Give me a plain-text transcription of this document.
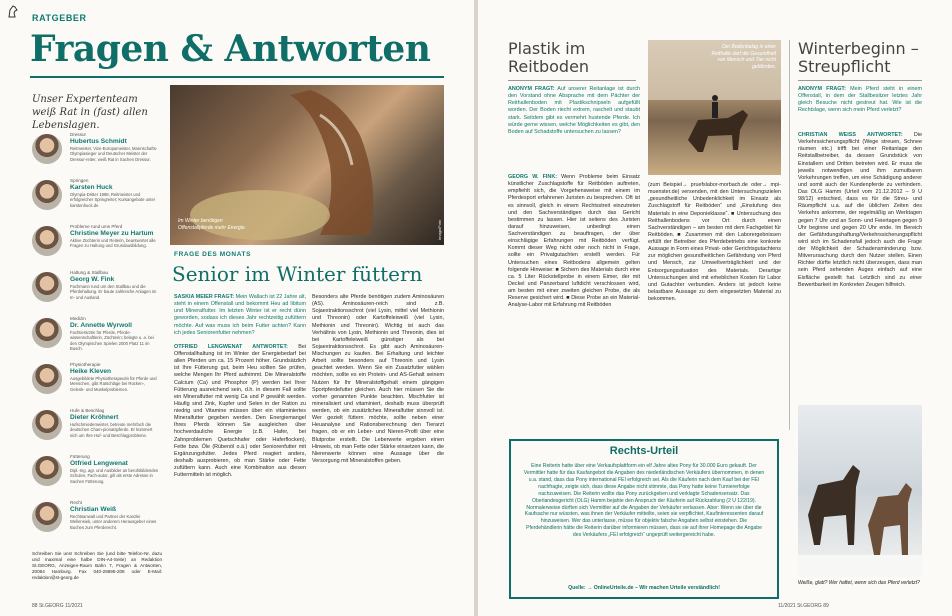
RATGEBER
Fragen & Antworten
Unser Expertenteam weiß Rat in (fast) allen Lebenslagen.
Dressur
Hubertus Schmidt
Reitmeister, Vize-Europameister, Mannschafts-Olympiasieger und Deutscher Meister der Dressur-reiter, weiß Rat in Sachen Dressur.
Springen
Karsten Huck
Olympia-Dritter 1988, Reitmeister und erfolgreicher Springreiter; Kursangebote unter karstenhuck.de
Probleme rund ums Pferd
Christine Meyer zu Hartum
Aktive Züchterin und Reiterin, beantwortet alle Fragen zu Haltung und Grundausbildung.
Haltung & Stallbau
Georg W. Fink
Fachmann rund um den Stallbau und die Pferdehaltung. Er baute zahlreiche Anlagen im In- und Ausland.
Medizin
Dr. Annette Wyrwoll
Fachtierärztin für Pferde, Pferde-wissenschaftlerin, Züchterin; belegte u. a. bei den Olympischen Spielen 2000 Platz 11 im Busch.
Physiotherapie
Heike Kleven
Ausgebildete Physiotherapeutin für Pferde und Menschen, gibt Ratschläge bei Rücken-, Gelenk- und Muskelproblemen.
Hufe & Beschlag
Dieter Kröhnert
Hufschmiedemeister, betreute mehrfach die deutschen Cham-pionatspferde. Er kümmert sich um Ihre Huf- und Beschlagprobleme.
Fütterung
Otfried Lengwenat
Dipl.-Ing. agr. und Ausbilder an berufsbildenden Schulen, Fach-autor, gilt als erste Adresse in Sachen Fütterung.
Recht
Christian Weiß
Rechtsanwalt und Partner der Kanzlei Wellensiek, unter anderem Herausgeber eines Buches zum Pferderecht.
Schreiben Sie uns! Schreiben Sie (und bitte Telefon-Nr. dazu und maximal eine halbe DIN-A4-Seite) an Redaktion St.GEORG, Anzeigen-Raum Bahn 7, Fragen & Antworten, 20084 Hamburg. Fax 040-28695-208 oder E-Mail: redaktion@st-georg.de
Im Winter benötigen Offenstallpferde mehr Energie.	Imago/Foto
FRAGE DES MONATS
Senior im Winter füttern
SASKIA MEIER FRAGT: Mein Wallach ist 22 Jahre alt, steht in einem Offenstall und bekommt Heu ad libitum und Mineralfutter. Im letzten Winter ist er recht dünn geworden, sodass ich dieses Jahr rechtzeitig zufüttern möchte. Auf was muss ich beim Futter achten? Kann ich jedes Seniorenfutter nehmen?

OTFRIED LENGWENAT ANTWORTET: Bei Offenstallhaltung ist im Winter der Energiebedarf bei allen Pferden um ca. 15 Prozent höher. Grundsätzlich ist Ihre Fütterung gut, beim Heu sollten Sie prüfen, welche Mengen Ihr Pferd aufnimmt. Die Mineralstoffe Calcium (Ca) und Phosphor (P) werden bei Ihrer Fütterung ausreichend sein, d.h. in diesem Fall sollte ein Mineralfutter mit wenig Ca und P gewählt werden. Häufig sind Zink, Kupfer und Selen in der Ration zu niedrig und Vitamine müssen über ein vitaminiertes Mineralfutter gegeben werden. Den Energiemangel Ihres Pferds können Sie ausgleichen über hochverdauliche Energie (z.B. Hafer, bei Zahnproblemen Quetschhafer oder Haferflocken), Fette bzw. Öle (Rübenöl o.ä.) oder Seniorenfutter mit Ergänzungsfutter. Jedes Pferd reagiert anders, deshalb ausprobieren, ob man Stärke oder Fette zufüttern kann. Auch eine Kombination aus diesen Futtermitteln ist möglich.
Besonders alte Pferde benötigen zudem Aminosäuren (AS). Aminosäuren-reich sind z.B. Sojaextraktionsschrot (viel Lysin, mittel viel Methionin und Threonin) oder Kartoffeleiweiß (viel Lysin, Methionin und Threonin). Wichtig ist auch das Verhältnis von Lysin, Methionin und Threonin, dies ist bei Kartoffeleiweiß günstiger als bei Sojaextraktionsschrot. Es gibt auch Aminosäuren-Mischungen zu kaufen. Bei Erhaltung und leichter Arbeit sollte besonders auf Threonin und Lysin geachtet werden. Wenn Sie ein Zusatzfutter wählen möchten, sollte es ein Protein- und AS-Gehalt seinem Nutzen für Ihr Mineralstoffgehalt einem gängigen Sportpferdefutter gleichen. Auch hier müssen Sie die vorher genannten Punkte beachten. Mischfutter ist mineralisiert und vitaminiert, deshalb muss überprüft werden, ob ein zusätzliches Mineralfutter sinnvoll ist. Wer gezielt füttern möchte, sollte neben einer Heuanalyse und Rationsberechnung den Tierarzt fragen, ob er ein Leber- und Nieren-Profil über eine Blutprobe erstellt. Die Leberwerte ergeben einen Hinweis, ob man Fette oder Stärke einsetzen kann, die Nierenwerte können eine Aussage über die Versorgung mit Mineralstoffen geben.
88 St.GEORG 11/2021
Plastik im Reitboden
Der Bodenbelag in einer Reithalle darf die Gesundheit von Mensch und Tier nicht gefährden.
ANONYM FRAGT: Auf unserer Reitanlage ist durch den Vorstand ohne Absprache mit dem Pächter der Reithallenboden mit Plastikschnipseln aufgefüllt worden. Der Boden riecht extrem, raschelt und staubt stark. Seitdem gibt es vermehrt hustende Pferde. Ich würde gerne wissen, welche Möglichkeiten es gibt, den Boden auf Schadstoffe untersuchen zu lassen?
GEORG W. FINK: Wenn Probleme beim Einsatz künstlicher Zuschlagstoffe für Reitböden auftreten, empfiehlt sich, die Vorgehensweise mit einem im Pferdesport erfahrenen Juristen zu besprechen. Oft ist es sinnvoll, gleich in einem Rechtsstreit einzutreten und den Sachverständigen durch das Gericht bestimmen zu lassen. Hier ist seitens des Juristen darauf hinzuweisen, unbedingt einen Sachverständigen zu beauftragen, der über einschlägige Erfahrungen mit Reitböden verfügt. Kommt dieser Weg nicht oder noch nicht in Frage, sollte ein Privatgutachten erstellt werden. Für Untersuchen eines Reitbodens allgemein gelten folgende Hinweise: ■ Sichern des Materials durch eine ca. 5 Liter Rückstellprobe in einem Eimer, der mit Deckel und Panzerband luftdicht verschlossen wird, am besten mit einer zweiten gleichen Probe, die als Reserve gesichert wird. ■ Diese Probe an ein Material-Analyse-Labor mit Erfahrung mit Reitböden
(zum Beispiel→ pruefslabor-morbach.de oder→ mpi-muenster.de) versenden, mit den Untersuchungszielen „gesundheitliche Unbedenklichkeit im Einsatz als Zuschlagstoff für Reitböden“ und „Einstufung des Materials in eine Deponieklasse“. ■ Untersuchung des Reithallenbodens vor Ort durch einen Sachverständigen – am besten mit dem Fachgebiet für Reitböden. ■ Zusammen mit den Laborergebnissen erfüllt der Betreiber des Pferdebetriebs eine konkrete Aussage in Form eines Privat- oder Gerichtsgutachtens zur möglichen gesundheitlichen Gefährdung von Pferd und Mensch, zur Umweltverträglichkeit und der Entsorgungssituation des Materials. Derartige Untersuchungen sind mit erheblichen Kosten für Labor und Gutachter verbunden. Anders ist jedoch keine belastbare Aussage zu dem eingesetzten Material zu bekommen.
Winterbeginn – Streupflicht
ANONYM FRAGT: Mein Pferd steht in einem Offenstall, in dem der Stallbesitzer letztes Jahr gleich Besuche nicht gestreut hat. Wie ist die Rechtslage, wenn sich mein Pferd verletzt?
CHRISTIAN WEISS ANTWORTET: Die Verkehrssicherungspflicht (Wege streuen, Schnee räumen etc.) trifft bei einer Reitanlage den Reitstallbetreiber, da dessen Grundstück von Einstallern und Dritten betreten wird. Er muss die jeweils notwendigen und ihm zumutbaren Vorkehrungen treffen, um eine Schädigung anderer und somit auch der Kundenpferde zu verhindern. Das OLG Hamm (Urteil vom 21.12.2012 – 9 U 98/12) entschied, dass es für die Streu- und Räumpflicht u.a. auf die üblichen Zeiten des Verkehrs ankomme, der regelmäßig an Werktagen gegen 7 Uhr und an Sonn- und Feiertagen gegen 9 Uhr beginne und gegen 20 Uhr ende. Im Bereich der Gefährdungshaftung/Verkehrssicherungspflicht wird sich im Schadensfall jedoch auch die Frage der Möglichkeit der Schadensminderung bzw. Mitverursachung durch den Nutzer stellen. Einen Richter dürfte letztlich nicht überzeugen, dass man sein Pferd sehenden Auges einfach auf eine Eisfläche gestellt hat. Letztlich sind zu einer Bewertbarkeit im Konkreten Zeugen hilfreich.
Weiße, glatt? Wer haftet, wenn sich das Pferd verletzt?
11/2021 St.GEORG 89
Rechts-Urteil
Eine Reiterin hatte über eine Verkaufsplattform ein elf Jahre altes Pony für 30.000 Euro gekauft. Der Vermittler hatte für das Kaufangebot die Angaben des niederländischen Verkäufers übernommen, in denen u.a. stand, dass das Pony international FEI erfolgreich sei. Als die Käuferin nach dem Kauf bei der FEI nachfragte, zeigte sich, dass diese Angabe nicht stimmte, das Pony hatte keine Turniererfolge nachzuweisen. Die Reiterin wollte das Pony zurückgeben und verklagte Schadensersatz. Das Oberlandesgericht (OLG) Hamm bejahte den Anspruch der Käuferin auf Rückzahlung (2 U 122/19). Normalerweise dürften sich Vermittler auf die Angaben der Verkäufer verlassen. Aber: Wenn sie über die Kaufsache nur wüssten, was ihnen der Verkäufer mitteilte, seien sie verpflichtet, Kaufinteressenten darauf hinzuweisen. Wer das unterlasse, müsse für objektiv falsche Angaben selbst einstehen. Die Pferdehändlerin hätte die Reiterin darüber informieren müssen, dass sie auf ihrer Homepage die Angabe des Verkäufers „FEI erfolgreich“ ungeprüft weitergereicht habe.
Quelle: → OnlineUrteile.de – Wir machen Urteile verständlich!
